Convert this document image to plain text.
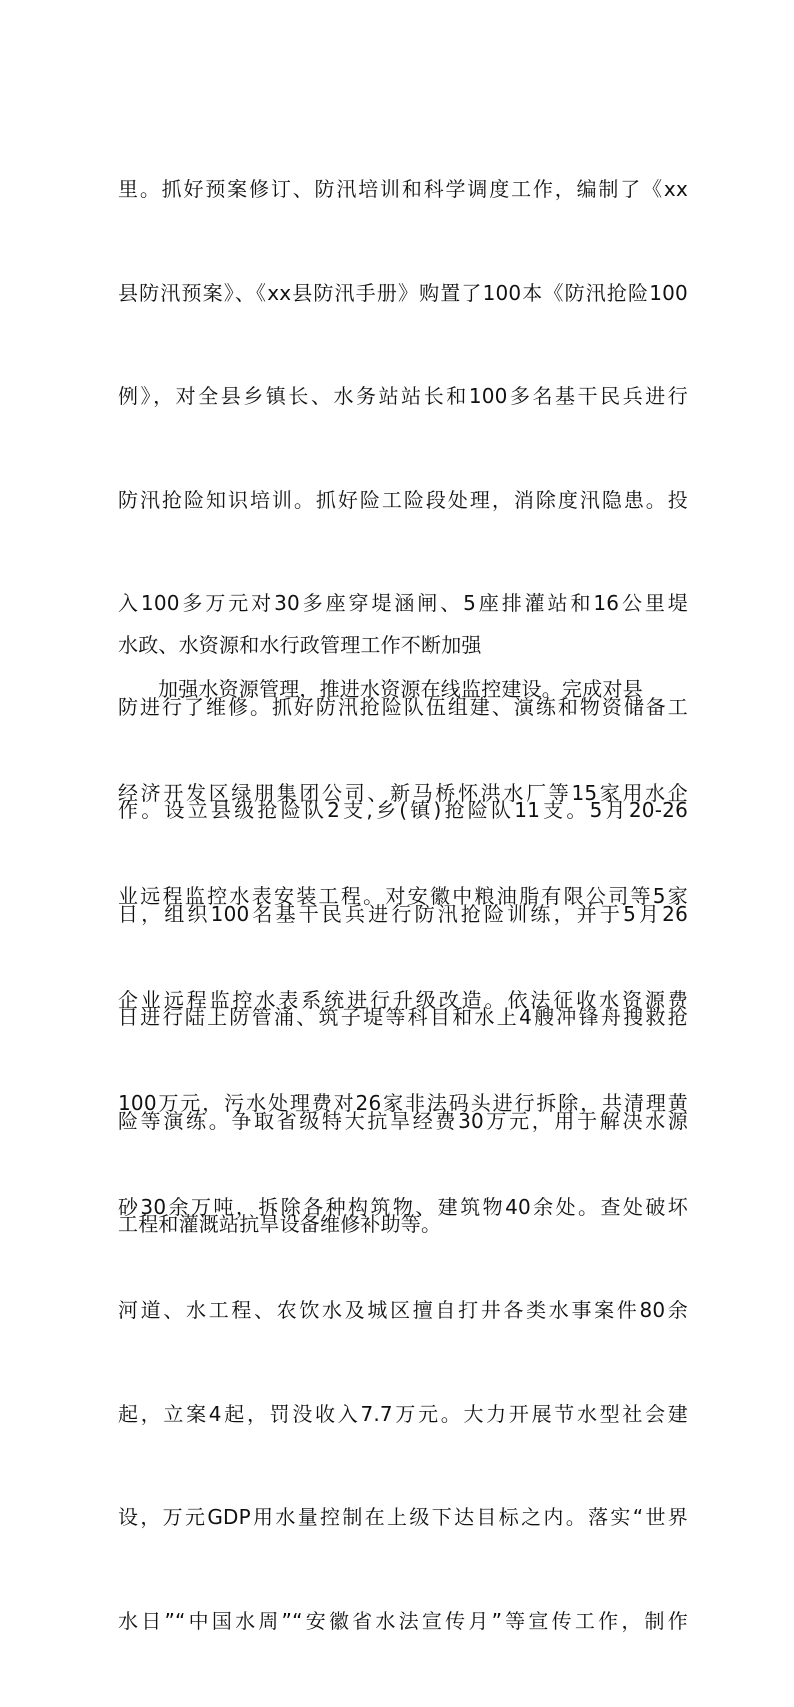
里。抓好预案修订、防汛培训和科学调度工作，编制了《xx

县防汛预案》、《xx县防汛手册》购置了100本《防汛抢险100

例》，对全县乡镇长、水务站站长和100多名基干民兵进行

防汛抢险知识培训。抓好险工险段处理，消除度汛隐患。投

入100多万元对30多座穿堤涵闸、5座排灌站和16公里堤

防进行了维修。抓好防汛抢险队伍组建、演练和物资储备工

作。设立县级抢险队2支,乡(镇)抢险队11支。5月20-26

日，组织100名基干民兵进行防汛抢险训练，并于5月26

日进行陆上防管涌、筑子堤等科目和水上4艘冲锋舟搜救抢

险等演练。争取省级特大抗旱经费30万元，用于解决水源

工程和灌溉站抗旱设备维修补助等。

水政、水资源和水行政管理工作不断加强

加强水资源管理，推进水资源在线监控建设。完成对县

经济开发区绿朋集团公司、新马桥怀洪水厂等15家用水企

业远程监控水表安装工程。对安徽中粮油脂有限公司等5家

企业远程监控水表系统进行升级改造。依法征收水资源费

100万元，污水处理费对26家非法码头进行拆除，共清理黄

砂30余万吨，拆除各种构筑物、建筑物40余处。查处破坏

河道、水工程、农饮水及城区擅自打井各类水事案件80余

起，立案4起，罚没收入7.7万元。大力开展节水型社会建

设，万元GDP用水量控制在上级下达目标之内。落实“世界

水日”“中国水周”“安徽省水法宣传月”等宣传工作，制作
